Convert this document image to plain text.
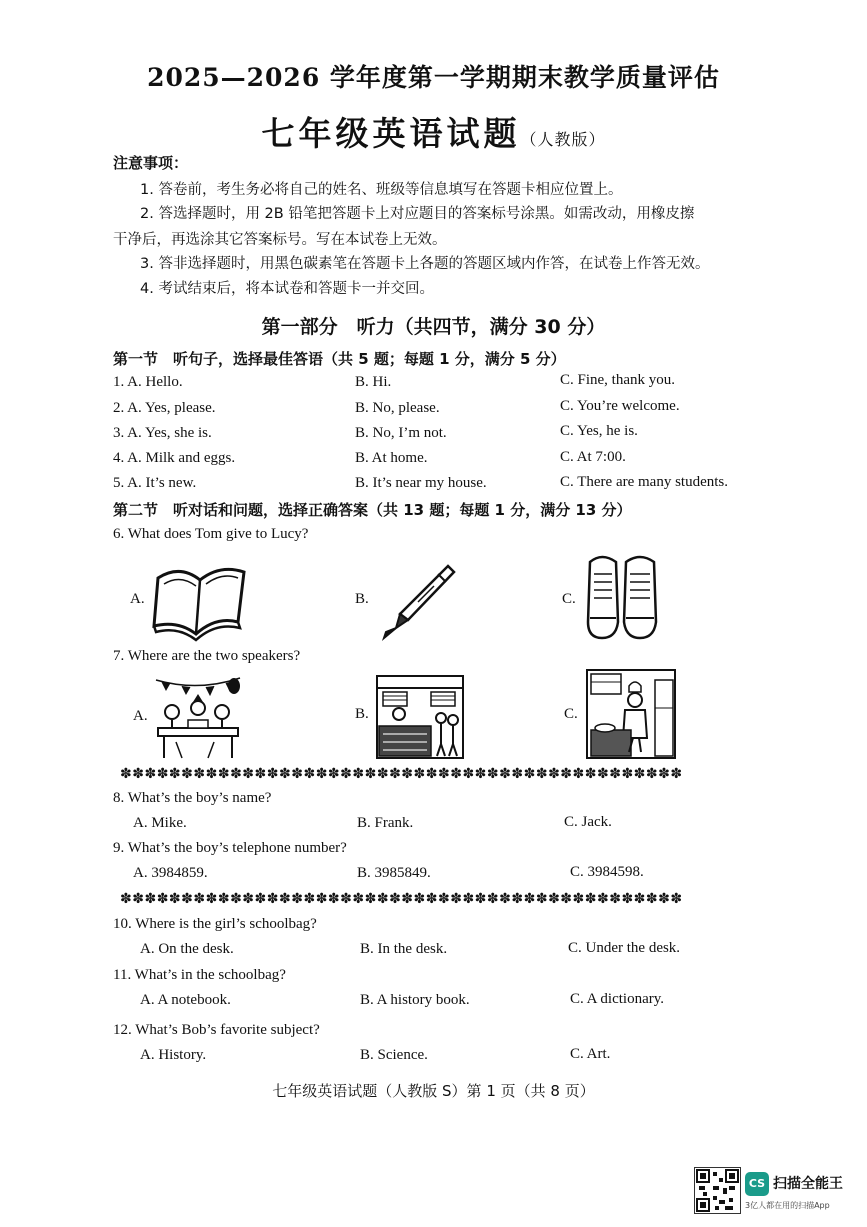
2025—2026 学年度第一学期期末教学质量评估
七年级英语试题（人教版）
注意事项：
1. 答卷前，考生务必将自己的姓名、班级等信息填写在答题卡相应位置上。
2. 答选择题时，用 2B 铅笔把答题卡上对应题目的答案标号涂黑。如需改动，用橡皮擦
干净后，再选涂其它答案标号。写在本试卷上无效。
3. 答非选择题时，用黑色碳素笔在答题卡上各题的答题区域内作答，在试卷上作答无效。
4. 考试结束后，将本试卷和答题卡一并交回。
第一部分　听力（共四节，满分 30 分）
第一节　听句子，选择最佳答语（共 5 题；每题 1 分，满分 5 分）
1. A. Hello.	B. Hi.	C. Fine, thank you.
2. A. Yes, please.	B. No, please.	C. You’re welcome.
3. A. Yes, she is.	B. No, I’m not.	C. Yes, he is.
4. A. Milk and eggs.	B. At home.	C. At 7:00.
5. A. It’s new.	B. It’s near my house.	C. There are many students.
第二节　听对话和问题，选择正确答案（共 13 题；每题 1 分，满分 13 分）
6. What does Tom give to Lucy?
A.	B.	C.
7. Where are the two speakers?
A.	B.	C.
✽✽✽✽✽✽✽✽✽✽✽✽✽✽✽✽✽✽✽✽✽✽✽✽✽✽✽✽✽✽✽✽✽✽✽✽✽✽✽✽✽✽✽✽✽✽
8. What’s the boy’s name?
A. Mike.	B. Frank.	C. Jack.
9. What’s the boy’s telephone number?
A. 3984859.	B. 3985849.	C. 3984598.
✽✽✽✽✽✽✽✽✽✽✽✽✽✽✽✽✽✽✽✽✽✽✽✽✽✽✽✽✽✽✽✽✽✽✽✽✽✽✽✽✽✽✽✽✽✽
10. Where is the girl’s schoolbag?
A. On the desk.	B. In the desk.	C. Under the desk.
11. What’s in the schoolbag?
A. A notebook.	B. A history book.	C. A dictionary.
12. What’s Bob’s favorite subject?
A. History.	B. Science.	C. Art.
七年级英语试题（人教版 S）第 1 页（共 8 页）
CS 扫描全能王
3亿人都在用的扫描App
